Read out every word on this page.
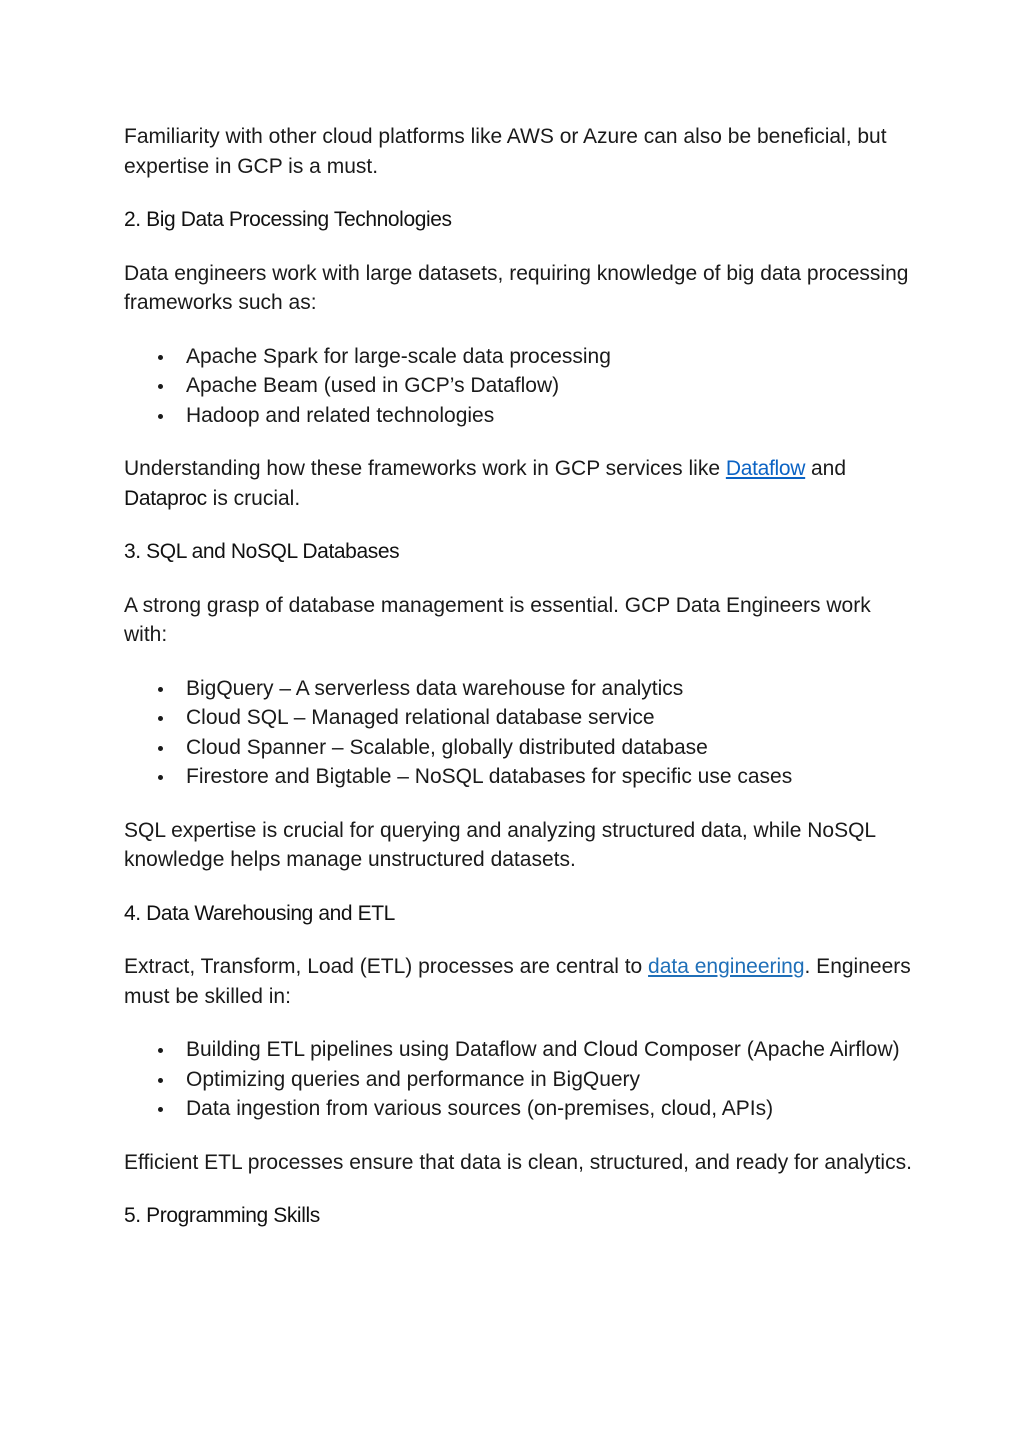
Familiarity with other cloud platforms like AWS or Azure can also be beneficial, but expertise in GCP is a must.

2. Big Data Processing Technologies

Data engineers work with large datasets, requiring knowledge of big data processing frameworks such as:

Apache Spark for large-scale data processing
Apache Beam (used in GCP’s Dataflow)
Hadoop and related technologies

Understanding how these frameworks work in GCP services like Dataflow and Dataproc is crucial.

3. SQL and NoSQL Databases

A strong grasp of database management is essential. GCP Data Engineers work with:

BigQuery – A serverless data warehouse for analytics
Cloud SQL – Managed relational database service
Cloud Spanner – Scalable, globally distributed database
Firestore and Bigtable – NoSQL databases for specific use cases

SQL expertise is crucial for querying and analyzing structured data, while NoSQL knowledge helps manage unstructured datasets.

4. Data Warehousing and ETL

Extract, Transform, Load (ETL) processes are central to data engineering. Engineers must be skilled in:

Building ETL pipelines using Dataflow and Cloud Composer (Apache Airflow)
Optimizing queries and performance in BigQuery
Data ingestion from various sources (on-premises, cloud, APIs)

Efficient ETL processes ensure that data is clean, structured, and ready for analytics.

5. Programming Skills
